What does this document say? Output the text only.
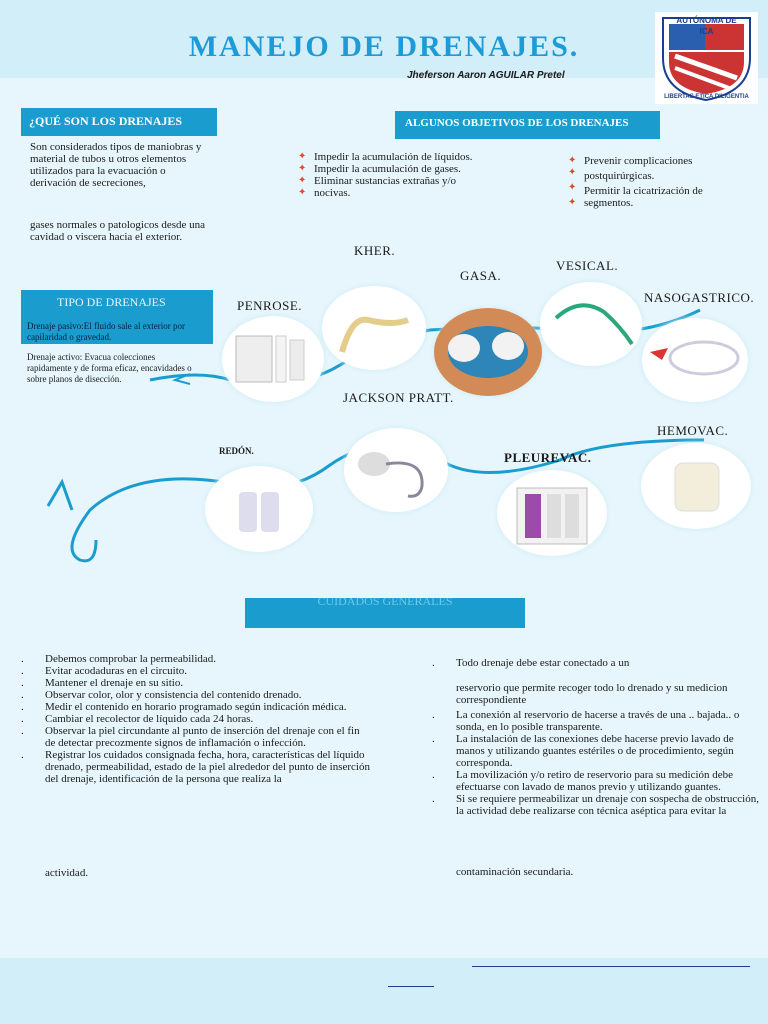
MANEJO DE DRENAJES.
Jheferson Aaron AGUILAR Pretel
AUTÓNOMA DE ICA
LIBERTAS ETICA DILIGENTIA
¿QUÉ SON LOS DRENAJES
Son considerados tipos de maniobras y material de tubos u otros elementos utilizados para la evacuación o derivación de secreciones,
gases normales o patologicos desde una cavidad o viscera hacia el exterior.
ALGUNOS OBJETIVOS DE LOS DRENAJES
✦ Impedir la acumulación de líquidos.
✦ Impedir la acumulación de gases.
✦ Eliminar sustancias extrañas y/o
✦ nocivas.
✦ Prevenir complicaciones
✦ postquirúrgicas.
✦ Permitir la cicatrización de
✦ segmentos.
TIPO DE DRENAJES
Drenaje pasivo:El fluido sale al exterior por capilaridad o gravedad.
Drenaje activo: Evacua colecciones rapidamente y de forma eficaz, encavidades o sobre planos de disección.
PENROSE.
KHER.
GASA.
VESICAL.
NASOGASTRICO.
JACKSON PRATT.
HEMOVAC.
PLEUREVAC.
REDÓN.
CUIDADOS GENERALES
. Debemos comprobar la permeabilidad.
. Evitar acodaduras en el circuito.
. Mantener el drenaje en su sitio.
. Observar color, olor y consistencia del contenido drenado.
. Medir el contenido en horario programado según indicación médica.
. Cambiar el recolector de líquido cada 24 horas.
. Observar la piel circundante al punto de inserción del drenaje con el fin de detectar precozmente signos de inflamación o infección.
. Registrar los cuidados consignada fecha, hora, características del líquido drenado, permeabilidad, estado de la piel alrededor del punto de inserción del drenaje, identificación de la persona que realiza la
actividad.
. Todo drenaje debe estar conectado a un
reservorio que permite recoger todo lo drenado y su medicion correspondiente
. La conexión al reservorio de hacerse a través de una .. bajada.. o sonda, en lo posible transparente.
. La instalación de las conexiones debe hacerse previo lavado de manos y utilizando guantes estériles o de procedimiento, según corresponda.
. La movilización y/o retiro de reservorio para su medición debe efectuarse con lavado de manos previo y utilizando guantes.
. Si se requiere permeabilizar un drenaje con sospecha de obstrucción, la actividad debe realizarse con técnica aséptica para evitar la
contaminación secundaria.
